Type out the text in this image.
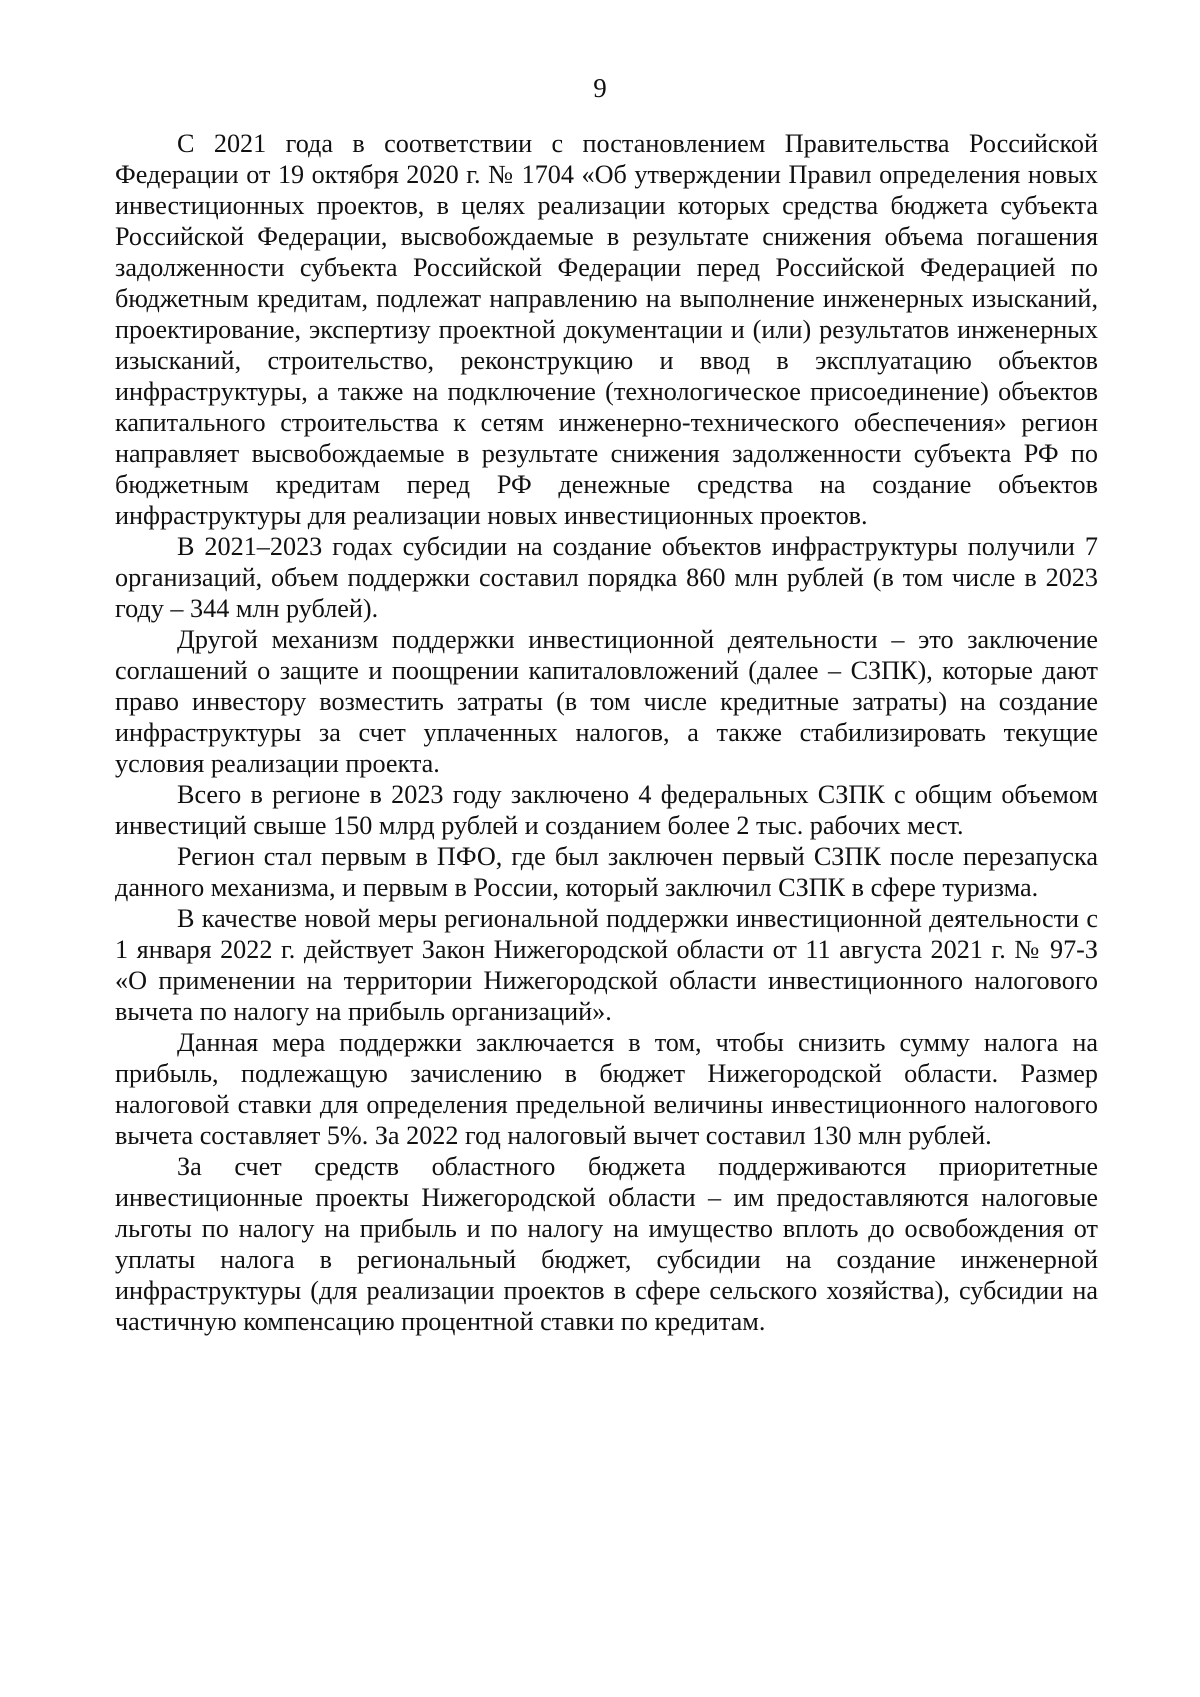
9

С 2021 года в соответствии с постановлением Правительства Российской Федерации от 19 октября 2020 г. № 1704 «Об утверждении Правил определения новых инвестиционных проектов, в целях реализации которых средства бюджета субъекта Российской Федерации, высвобождаемые в результате снижения объема погашения задолженности субъекта Российской Федерации перед Российской Федерацией по бюджетным кредитам, подлежат направлению на выполнение инженерных изысканий, проектирование, экспертизу проектной документации и (или) результатов инженерных изысканий, строительство, реконструкцию и ввод в эксплуатацию объектов инфраструктуры, а также на подключение (технологическое присоединение) объектов капитального строительства к сетям инженерно-технического обеспечения» регион направляет высвобождаемые в результате снижения задолженности субъекта РФ по бюджетным кредитам перед РФ денежные средства на создание объектов инфраструктуры для реализации новых инвестиционных проектов.

В 2021–2023 годах субсидии на создание объектов инфраструктуры получили 7 организаций, объем поддержки составил порядка 860 млн рублей (в том числе в 2023 году – 344 млн рублей).

Другой механизм поддержки инвестиционной деятельности – это заключение соглашений о защите и поощрении капиталовложений (далее – СЗПК), которые дают право инвестору возместить затраты (в том числе кредитные затраты) на создание инфраструктуры за счет уплаченных налогов, а также стабилизировать текущие условия реализации проекта.

Всего в регионе в 2023 году заключено 4 федеральных СЗПК с общим объемом инвестиций свыше 150 млрд рублей и созданием более 2 тыс. рабочих мест.

Регион стал первым в ПФО, где был заключен первый СЗПК после перезапуска данного механизма, и первым в России, который заключил СЗПК в сфере туризма.

В качестве новой меры региональной поддержки инвестиционной деятельности с 1 января 2022 г. действует Закон Нижегородской области от 11 августа 2021 г. № 97-З «О применении на территории Нижегородской области инвестиционного налогового вычета по налогу на прибыль организаций».

Данная мера поддержки заключается в том, чтобы снизить сумму налога на прибыль, подлежащую зачислению в бюджет Нижегородской области. Размер налоговой ставки для определения предельной величины инвестиционного налогового вычета составляет 5%. За 2022 год налоговый вычет составил 130 млн рублей.

За счет средств областного бюджета поддерживаются приоритетные инвестиционные проекты Нижегородской области – им предоставляются налоговые льготы по налогу на прибыль и по налогу на имущество вплоть до освобождения от уплаты налога в региональный бюджет, субсидии на создание инженерной инфраструктуры (для реализации проектов в сфере сельского хозяйства), субсидии на частичную компенсацию процентной ставки по кредитам.
